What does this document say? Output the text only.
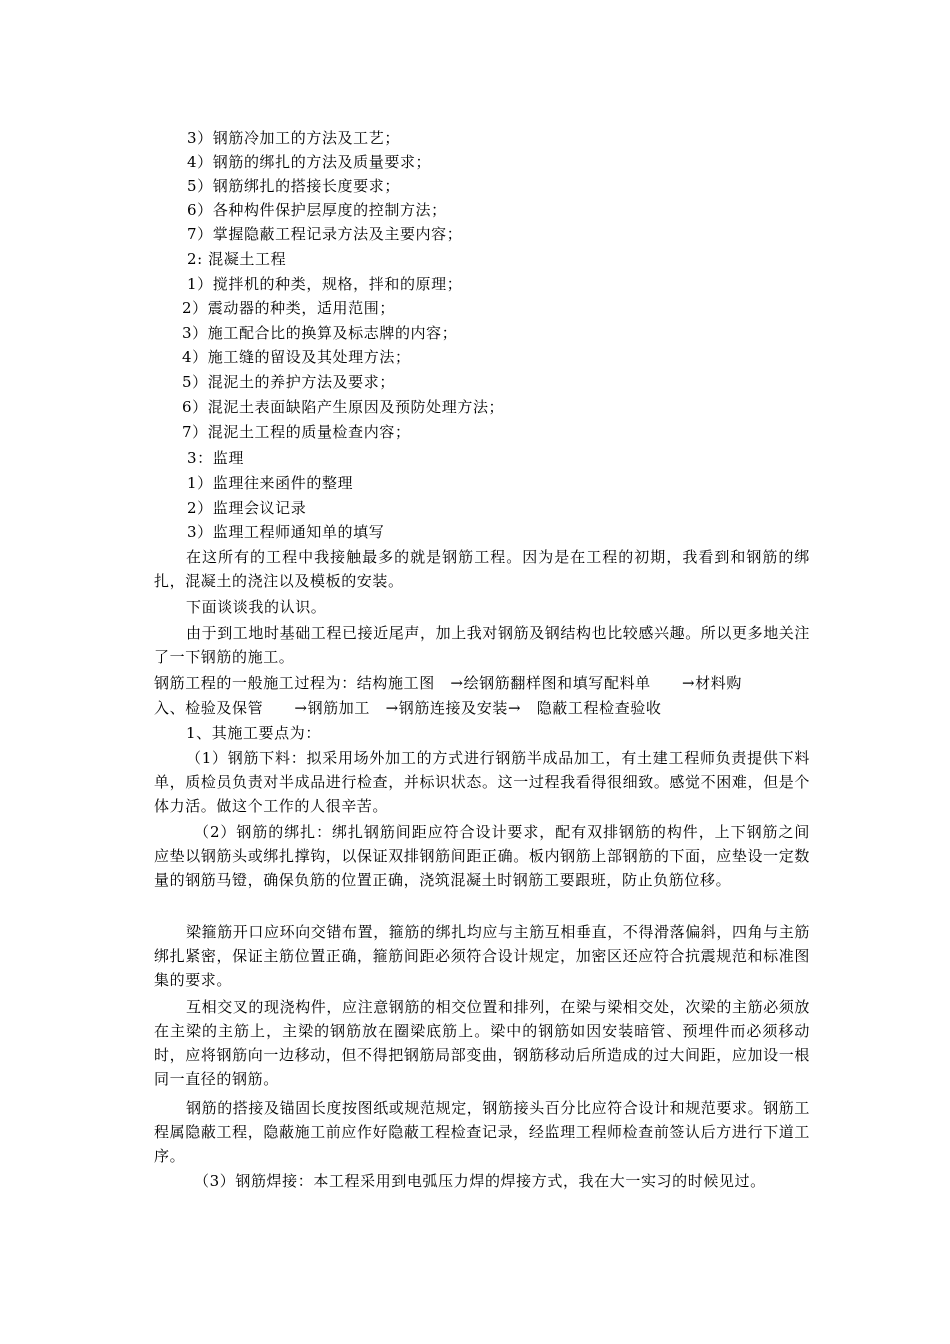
3）钢筋冷加工的方法及工艺；
4）钢筋的绑扎的方法及质量要求；
5）钢筋绑扎的搭接长度要求；
6）各种构件保护层厚度的控制方法；
7）掌握隐蔽工程记录方法及主要内容；
2: 混凝土工程
1）搅拌机的种类，规格，拌和的原理；
2）震动器的种类，适用范围；
3）施工配合比的换算及标志牌的内容；
4）施工缝的留设及其处理方法；
5）混泥土的养护方法及要求；
6）混泥土表面缺陷产生原因及预防处理方法；
7）混泥土工程的质量检查内容；
3：监理
1）监理往来函件的整理
2）监理会议记录
3）监理工程师通知单的填写
在这所有的工程中我接触最多的就是钢筋工程。因为是在工程的初期，我看到和钢筋的绑扎，混凝土的浇注以及模板的安装。
下面谈谈我的认识。
由于到工地时基础工程已接近尾声，加上我对钢筋及钢结构也比较感兴趣。所以更多地关注了一下钢筋的施工。
钢筋工程的一般施工过程为：结构施工图　→绘钢筋翻样图和填写配料单　　→材料购
入、检验及保管　　→钢筋加工　→钢筋连接及安装→　隐蔽工程检查验收
1、其施工要点为：
（1）钢筋下料：拟采用场外加工的方式进行钢筋半成品加工，有土建工程师负责提供下料单，质检员负责对半成品进行检查，并标识状态。这一过程我看得很细致。感觉不困难，但是个体力活。做这个工作的人很辛苦。
（2）钢筋的绑扎：绑扎钢筋间距应符合设计要求，配有双排钢筋的构件，上下钢筋之间应垫以钢筋头或绑扎撑钩，以保证双排钢筋间距正确。板内钢筋上部钢筋的下面，应垫设一定数量的钢筋马镫，确保负筋的位置正确，浇筑混凝土时钢筋工要跟班，防止负筋位移。
梁箍筋开口应环向交错布置，箍筋的绑扎均应与主筋互相垂直，不得滑落偏斜，四角与主筋绑扎紧密，保证主筋位置正确，箍筋间距必须符合设计规定，加密区还应符合抗震规范和标准图集的要求。
互相交叉的现浇构件，应注意钢筋的相交位置和排列，在梁与梁相交处，次梁的主筋必须放在主梁的主筋上，主梁的钢筋放在圈梁底筋上。梁中的钢筋如因安装暗管、预埋件而必须移动时，应将钢筋向一边移动，但不得把钢筋局部变曲，钢筋移动后所造成的过大间距，应加设一根同一直径的钢筋。
钢筋的搭接及锚固长度按图纸或规范规定，钢筋接头百分比应符合设计和规范要求。钢筋工程属隐蔽工程，隐蔽施工前应作好隐蔽工程检查记录，经监理工程师检查前签认后方进行下道工序。
（3）钢筋焊接：本工程采用到电弧压力焊的焊接方式，我在大一实习的时候见过。
